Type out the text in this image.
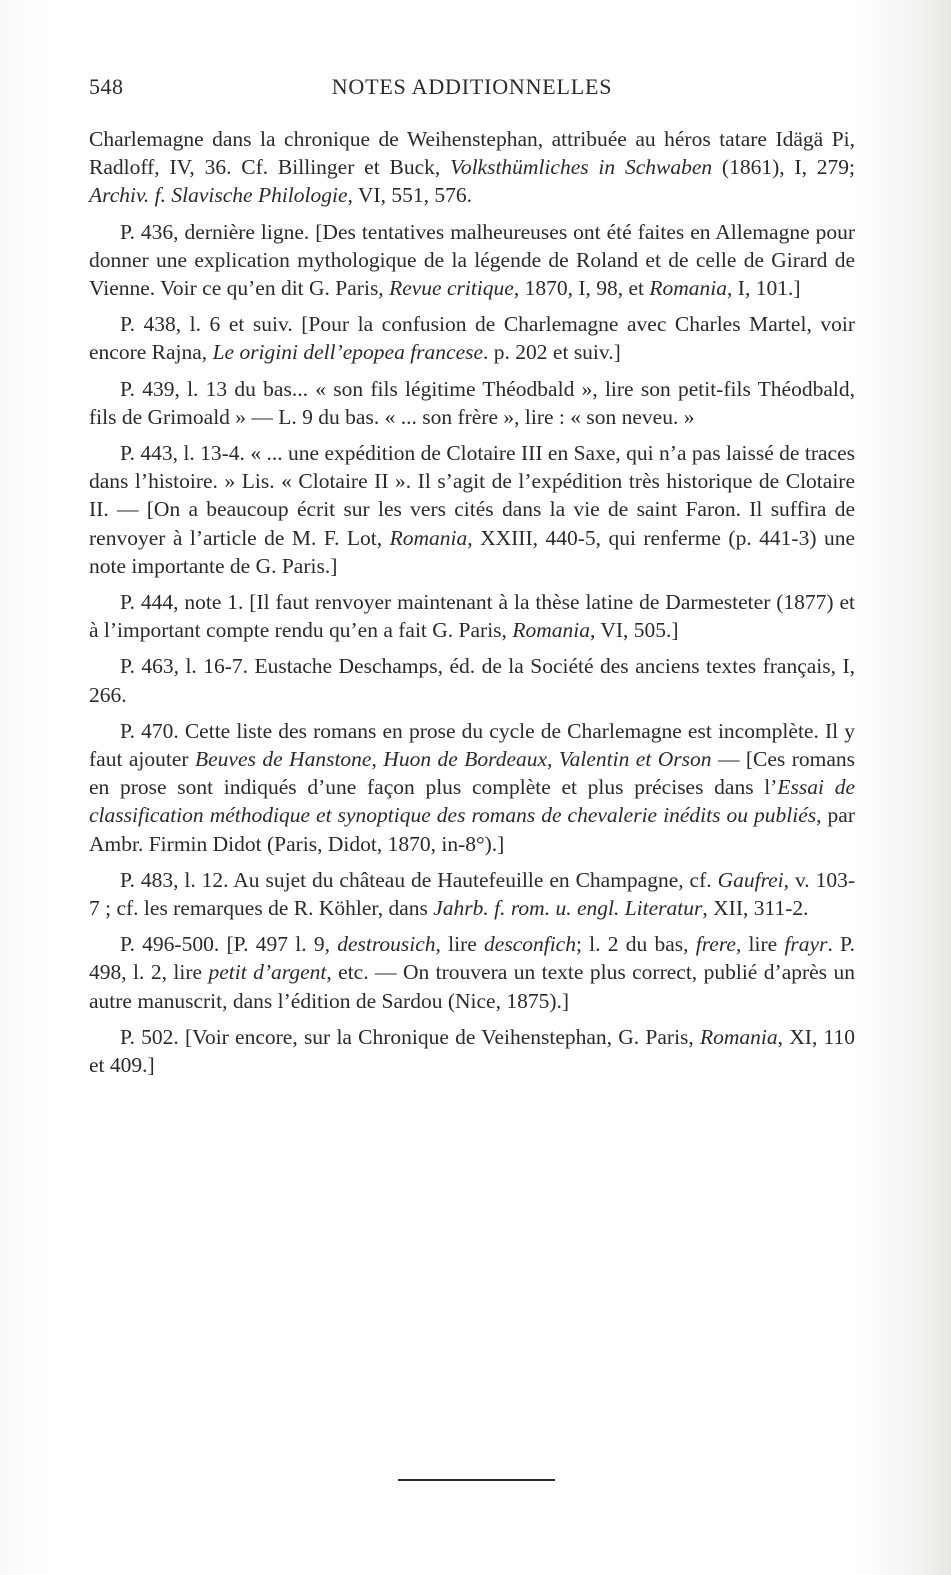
548	NOTES ADDITIONNELLES

Charlemagne dans la chronique de Weihenstephan, attribuée au héros tatare Idägä Pi, Radloff, IV, 36. Cf. Billinger et Buck, Volksthümliches in Schwaben (1861), I, 279; Archiv. f. Slavische Philologie, VI, 551, 576.

P. 436, dernière ligne. [Des tentatives malheureuses ont été faites en Allemagne pour donner une explication mythologique de la légende de Roland et de celle de Girard de Vienne. Voir ce qu’en dit G. Paris, Revue critique, 1870, I, 98, et Romania, I, 101.]

P. 438, l. 6 et suiv. [Pour la confusion de Charlemagne avec Charles Martel, voir encore Rajna, Le origini dell’epopea francese. p. 202 et suiv.]

P. 439, l. 13 du bas... « son fils légitime Théodbald », lire son petit-fils Théodbald, fils de Grimoald » — L. 9 du bas. « ... son frère », lire : « son neveu. »

P. 443, l. 13-4. « ... une expédition de Clotaire III en Saxe, qui n’a pas laissé de traces dans l’histoire. » Lis. « Clotaire II ». Il s’agit de l’expédition très historique de Clotaire II. — [On a beaucoup écrit sur les vers cités dans la vie de saint Faron. Il suffira de renvoyer à l’article de M. F. Lot, Romania, XXIII, 440-5, qui renferme (p. 441-3) une note importante de G. Paris.]

P. 444, note 1. [Il faut renvoyer maintenant à la thèse latine de Darmesteter (1877) et à l’important compte rendu qu’en a fait G. Paris, Romania, VI, 505.]

P. 463, l. 16-7. Eustache Deschamps, éd. de la Société des anciens textes français, I, 266.

P. 470. Cette liste des romans en prose du cycle de Charlemagne est incomplète. Il y faut ajouter Beuves de Hanstone, Huon de Bordeaux, Valentin et Orson — [Ces romans en prose sont indiqués d’une façon plus complète et plus précises dans l’Essai de classification méthodique et synoptique des romans de chevalerie inédits ou publiés, par Ambr. Firmin Didot (Paris, Didot, 1870, in-8°).]

P. 483, l. 12. Au sujet du château de Hautefeuille en Champagne, cf. Gaufrei, v. 103-7 ; cf. les remarques de R. Köhler, dans Jahrb. f. rom. u. engl. Literatur, XII, 311-2.

P. 496-500. [P. 497 l. 9, destrousich, lire desconfich; l. 2 du bas, frere, lire frayr. P. 498, l. 2, lire petit d’argent, etc. — On trouvera un texte plus correct, publié d’après un autre manuscrit, dans l’édition de Sardou (Nice, 1875).]

P. 502. [Voir encore, sur la Chronique de Veihenstephan, G. Paris, Romania, XI, 110 et 409.]
